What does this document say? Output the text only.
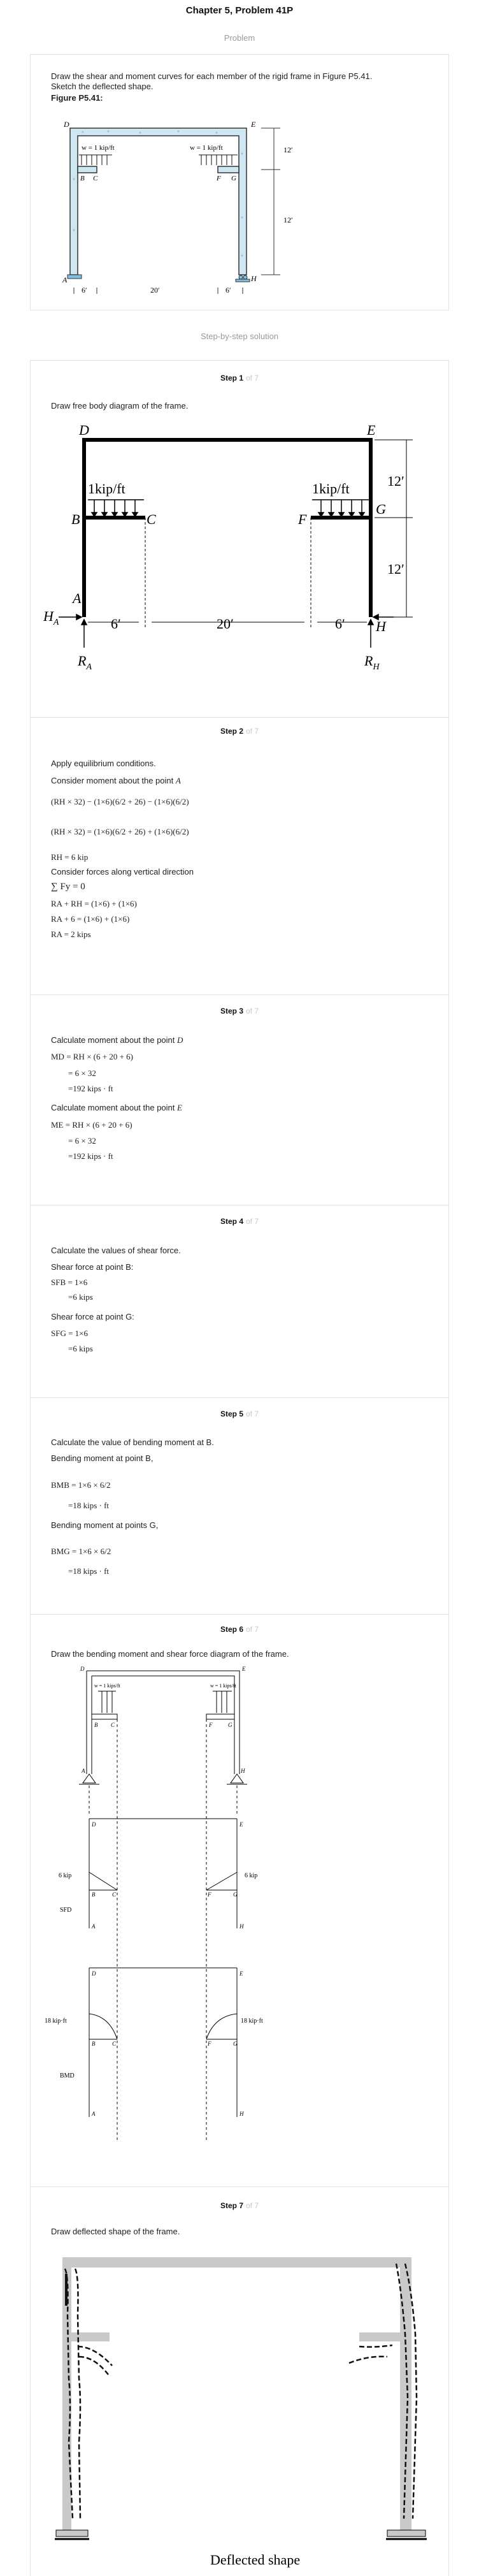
Chapter 5, Problem 41P
Problem
Draw the shear and moment curves for each member of the rigid frame in Figure P5.41.
Sketch the deflected shape.
Figure P5.41:
w = 1 kip/ft	w = 1 kip/ft
D	E
B C	F G
A	H
12′
12′
6′	20′	6′
Step-by-step solution
Step 1 of 7
Draw free body diagram of the frame.
D	E
B	C	F
G
A
H
1kip/ft	1kip/ft	12′
12′
6′	20′	6′
$H_A$
$R_A$	$R_H$
Step 2 of 7
Apply equilibrium conditions.
Consider moment about the point A
(RH × 32) − (1×6)(6/2 + 26) − (1×6)(6/2)
(RH × 32) = (1×6)(6/2 + 26) + (1×6)(6/2)
RH = 6 kip
Consider forces along vertical direction
∑ Fy = 0
RA + RH = (1×6) + (1×6)
RA + 6 = (1×6) + (1×6)
RA = 2 kips
Step 3 of 7
Calculate moment about the point D
MD = RH × (6 + 20 + 6)
= 6 × 32
=192 kips · ft
Calculate moment about the point E
ME = RH × (6 + 20 + 6)
= 6 × 32
=192 kips · ft
Step 4 of 7
Calculate the values of shear force.
Shear force at point B:
SFB = 1×6
=6 kips
Shear force at point G:
SFG = 1×6
=6 kips
Step 5 of 7
Calculate the value of bending moment at B.
Bending moment at point B,
BMB = 1×6 × 6/2
=18 kips · ft
Bending moment at points G,
BMG = 1×6 × 6/2
=18 kips · ft
Step 6 of 7
Draw the bending moment and shear force diagram of the frame.
D	E
B C	F	G
A	H
D	E
B	C	F	G
A	H
D	E
B	C	F	G
A	H
w = 1 kips/ft	w = 1 kips/ft
6 kip	6 kip
SFD
18 kip·ft	18 kip·ft
BMD
Step 7 of 7
Draw deflected shape of the frame.
Deflected shape
